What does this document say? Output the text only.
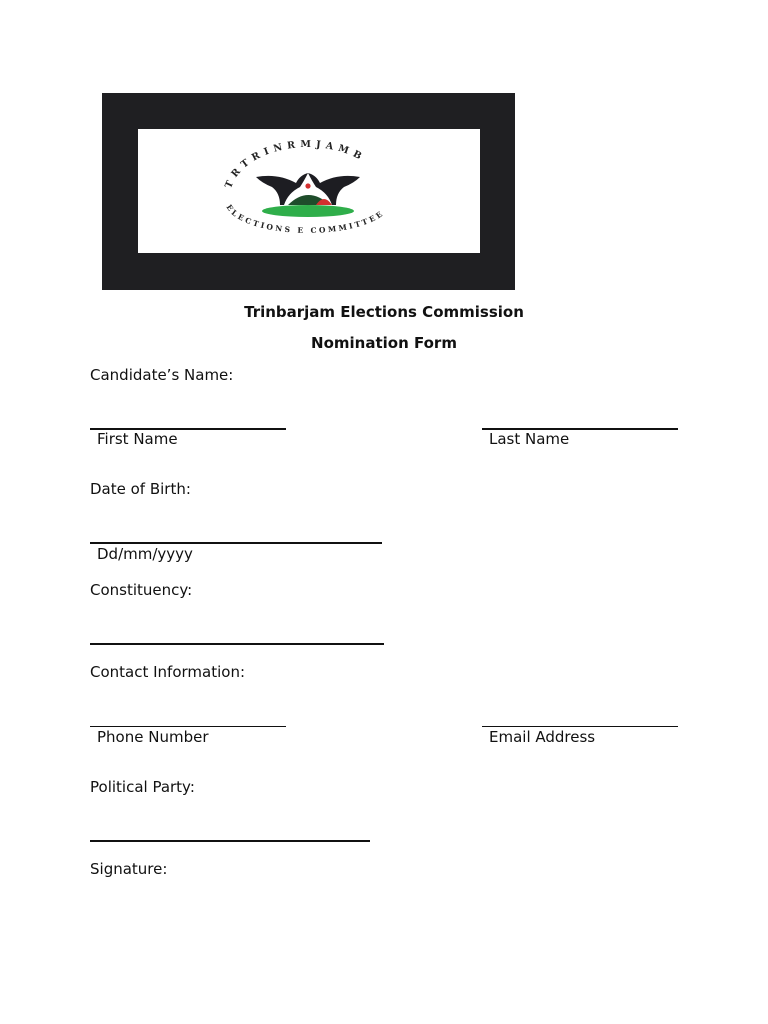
TRTRINRMJAMB
ELECTIONS E COMMITTEE
Trinbarjam Elections Commission
Nomination Form
Candidate’s Name:
First Name	Last Name
Date of Birth:
Dd/mm/yyyy
Constituency:
Contact Information:
Phone Number	Email Address
Political Party:
Signature:
